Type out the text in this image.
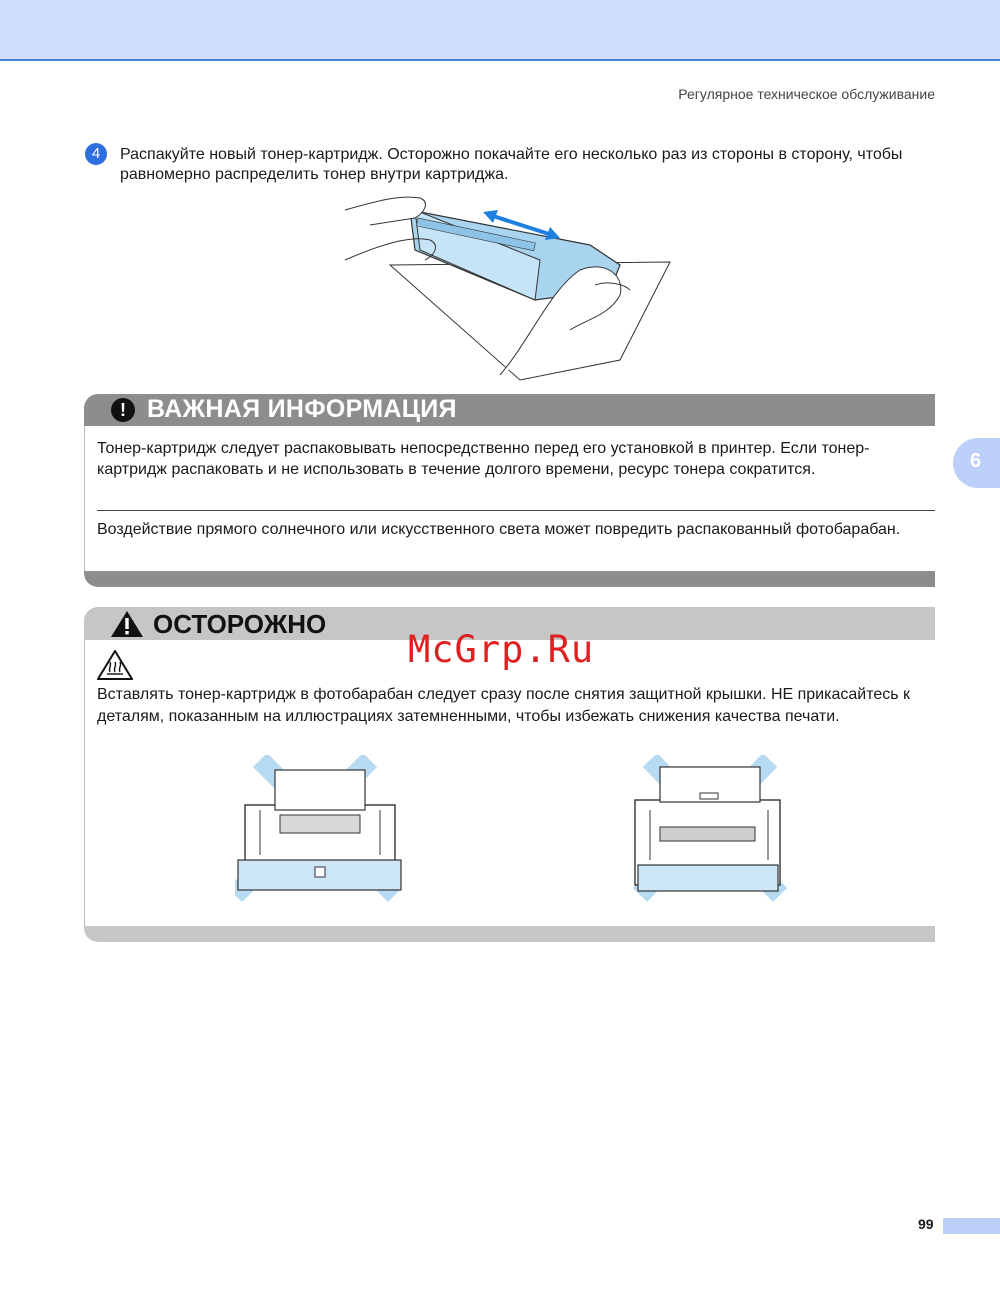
Регулярное техническое обслуживание
4	Распакуйте новый тонер-картридж. Осторожно покачайте его несколько раз из стороны в сторону, чтобы равномерно распределить тонер внутри картриджа.
! ВАЖНАЯ ИНФОРМАЦИЯ
Тонер-картридж следует распаковывать непосредственно перед его установкой в принтер. Если тонер-картридж распаковать и не использовать в течение долгого времени, ресурс тонера сократится.
Воздействие прямого солнечного или искусственного света может повредить распакованный фотобарабан.
ОСТОРОЖНО
McGrp.Ru
Вставлять тонер-картридж в фотобарабан следует сразу после снятия защитной крышки. НЕ прикасайтесь к деталям, показанным на иллюстрациях затемненными, чтобы избежать снижения качества печати.
6
99
